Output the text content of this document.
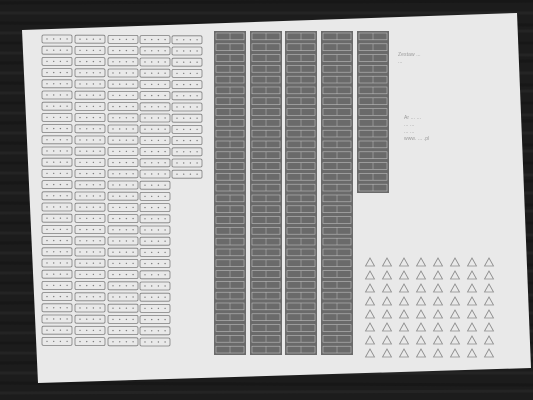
Zestaw ...
...
Ar ... ...
... ...
... ...
www. ... .pl
